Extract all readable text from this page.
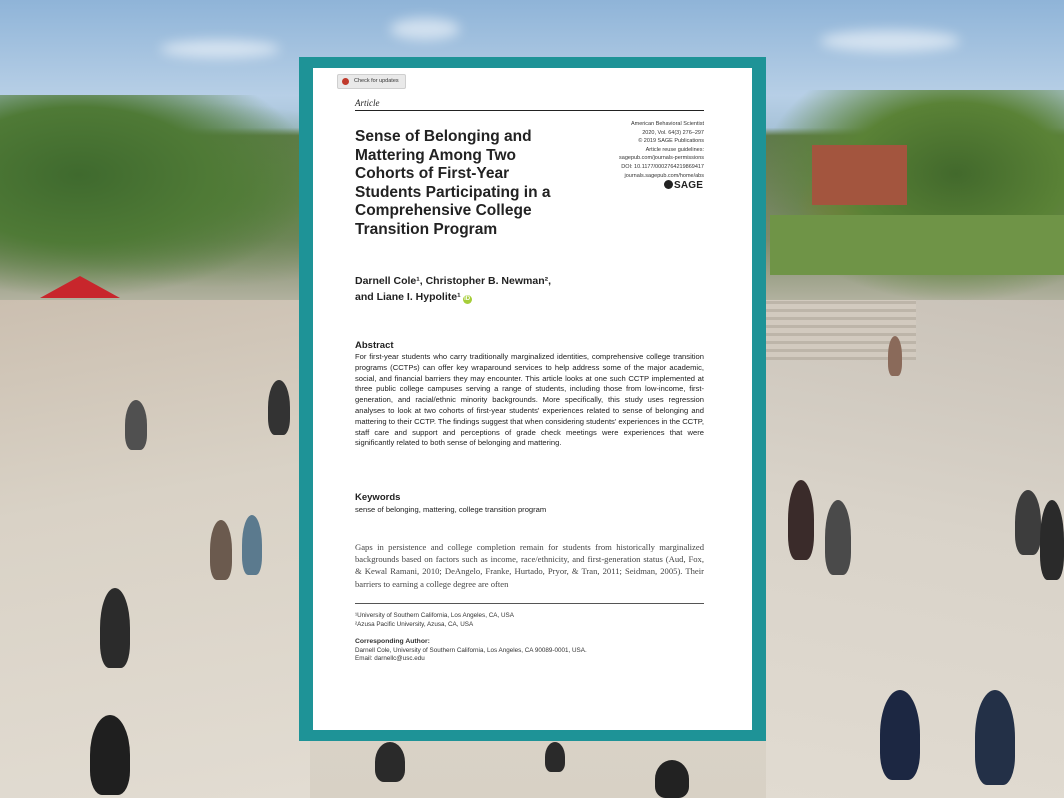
Check for updates
Article
Sense of Belonging and Mattering Among Two Cohorts of First-Year Students Participating in a Comprehensive College Transition Program
American Behavioral Scientist
2020, Vol. 64(3) 276–297
© 2019 SAGE Publications
Article reuse guidelines:
sagepub.com/journals-permissions
DOI: 10.1177/0002764219869417
journals.sagepub.com/home/abs
SAGE
Darnell Cole¹, Christopher B. Newman²,
and Liane I. Hypolite¹ iD
Abstract
For first-year students who carry traditionally marginalized identities, comprehensive college transition programs (CCTPs) can offer key wraparound services to help address some of the major academic, social, and financial barriers they may encounter. This article looks at one such CCTP implemented at three public college campuses serving a range of students, including those from low-income, first-generation, and racial/ethnic minority backgrounds. More specifically, this study uses regression analyses to look at two cohorts of first-year students' experiences related to sense of belonging and mattering to their CCTP. The findings suggest that when considering students' experiences in the CCTP, staff care and support and perceptions of grade check meetings were experiences that were significantly related to both sense of belonging and mattering.
Keywords
sense of belonging, mattering, college transition program
Gaps in persistence and college completion remain for students from historically marginalized backgrounds based on factors such as income, race/ethnicity, and first-generation status (Aud, Fox, & Kewal Ramani, 2010; DeAngelo, Franke, Hurtado, Pryor, & Tran, 2011; Seidman, 2005). Their barriers to earning a college degree are often
¹University of Southern California, Los Angeles, CA, USA
²Azusa Pacific University, Azusa, CA, USA
Corresponding Author:
Darnell Cole, University of Southern California, Los Angeles, CA 90089-0001, USA.
Email: darnellc@usc.edu
